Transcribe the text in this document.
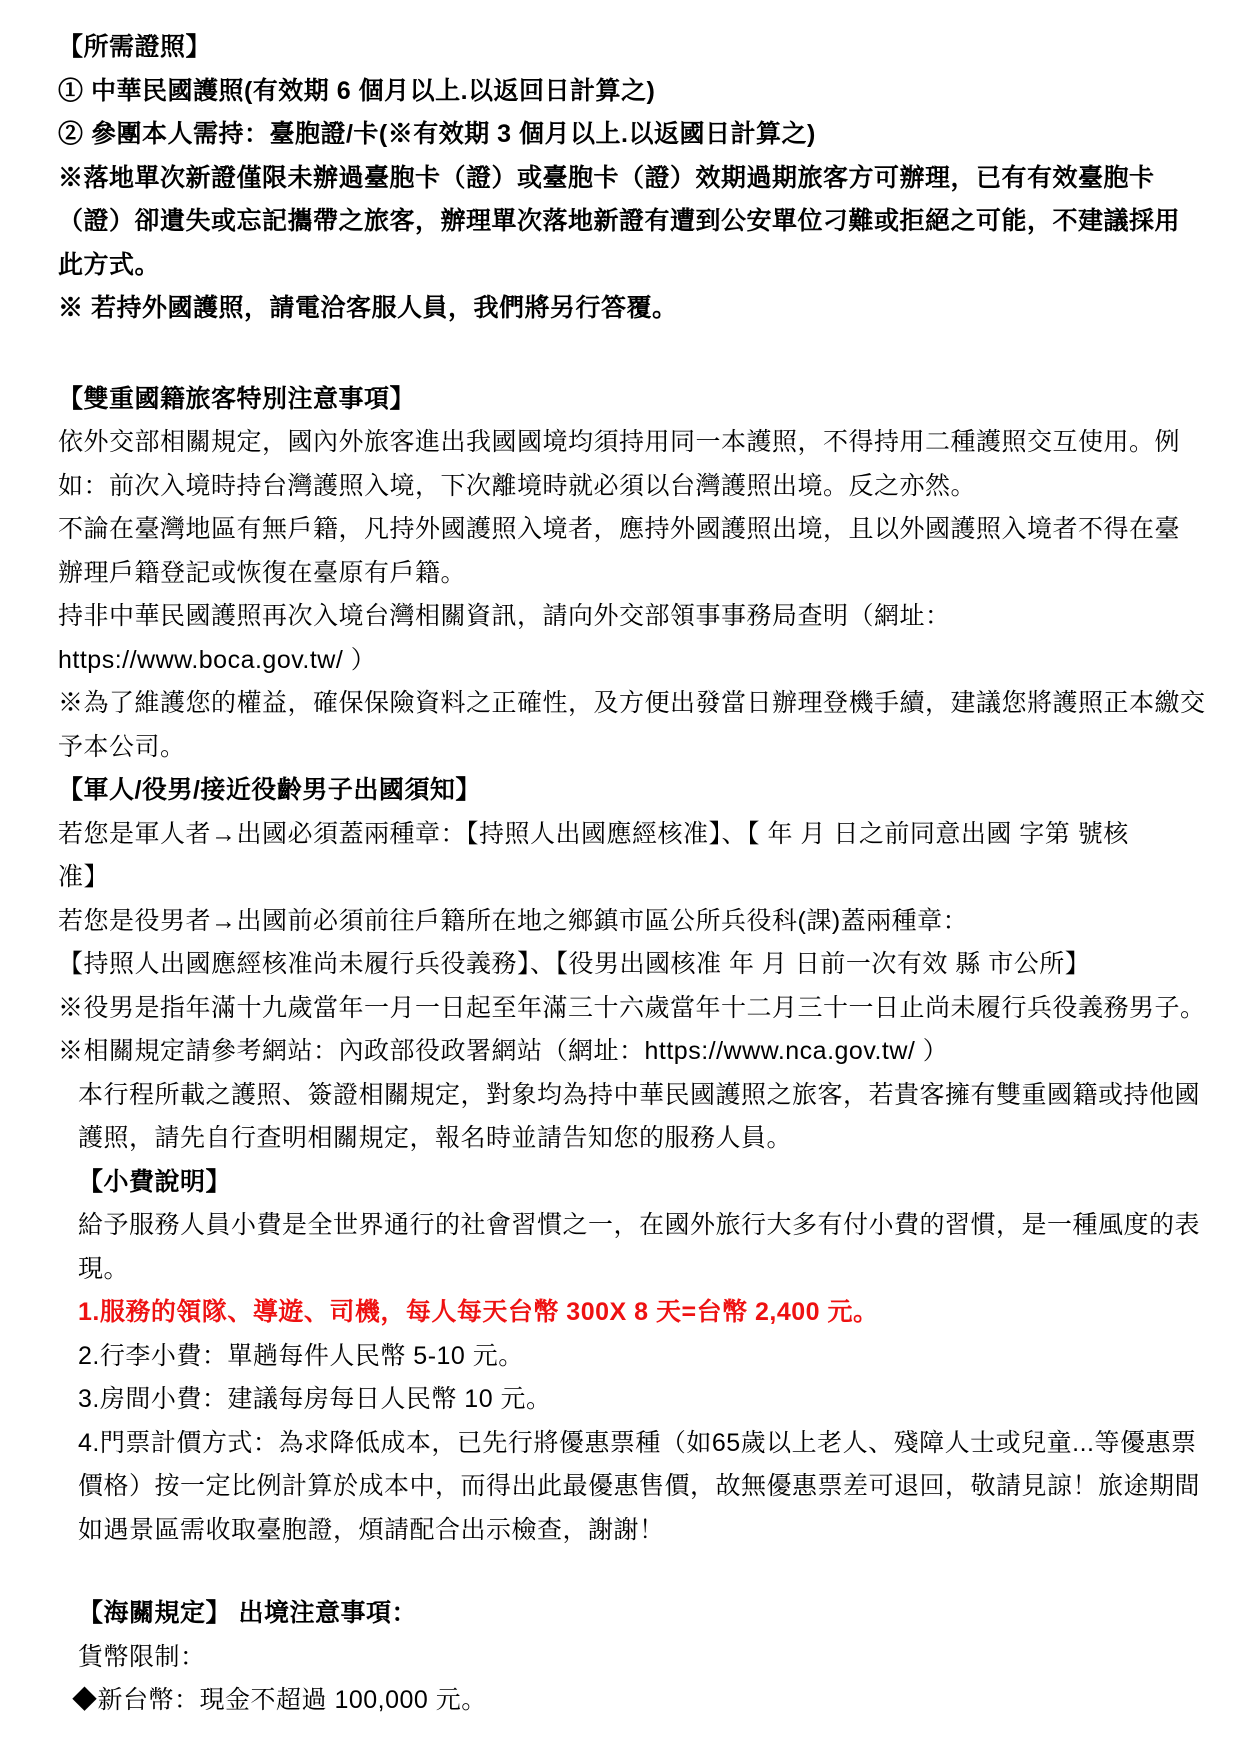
【所需證照】
① 中華民國護照(有效期 6 個月以上.以返回日計算之)
② 參團本人需持：臺胞證/卡(※有效期 3 個月以上.以返國日計算之)
※落地單次新證僅限未辦過臺胞卡（證）或臺胞卡（證）效期過期旅客方可辦理，已有有效臺胞卡
（證）卻遺失或忘記攜帶之旅客，辦理單次落地新證有遭到公安單位刁難或拒絕之可能，不建議採用
此方式。
※ 若持外國護照，請電洽客服人員，我們將另行答覆。
【雙重國籍旅客特別注意事項】
依外交部相關規定，國內外旅客進出我國國境均須持用同一本護照，不得持用二種護照交互使用。例
如：前次入境時持台灣護照入境，下次離境時就必須以台灣護照出境。反之亦然。
不論在臺灣地區有無戶籍，凡持外國護照入境者，應持外國護照出境，且以外國護照入境者不得在臺
辦理戶籍登記或恢復在臺原有戶籍。
持非中華民國護照再次入境台灣相關資訊，請向外交部領事事務局查明（網址：
https://www.boca.gov.tw/ ）
※為了維護您的權益，確保保險資料之正確性，及方便出發當日辦理登機手續，建議您將護照正本繳交
予本公司。
【軍人/役男/接近役齡男子出國須知】
若您是軍人者→出國必須蓋兩種章：【持照人出國應經核准】、【 年 月 日之前同意出國 字第 號核
准】
若您是役男者→出國前必須前往戶籍所在地之鄉鎮市區公所兵役科(課)蓋兩種章：
【持照人出國應經核准尚未履行兵役義務】、【役男出國核准 年 月 日前一次有效 縣 市公所】
※役男是指年滿十九歲當年一月一日起至年滿三十六歲當年十二月三十一日止尚未履行兵役義務男子。
※相關規定請參考網站：內政部役政署網站（網址：https://www.nca.gov.tw/ ）
本行程所載之護照、簽證相關規定，對象均為持中華民國護照之旅客，若貴客擁有雙重國籍或持他國
護照，請先自行查明相關規定，報名時並請告知您的服務人員。
【小費說明】
給予服務人員小費是全世界通行的社會習慣之一，在國外旅行大多有付小費的習慣，是一種風度的表
現。
1.服務的領隊、導遊、司機，每人每天台幣 300X 8 天=台幣 2,400 元。
2.行李小費：單趟每件人民幣 5-10 元。
3.房間小費：建議每房每日人民幣 10 元。
4.門票計價方式：為求降低成本，已先行將優惠票種（如65歲以上老人、殘障人士或兒童...等優惠票
價格）按一定比例計算於成本中，而得出此最優惠售價，故無優惠票差可退回，敬請見諒！旅途期間
如遇景區需收取臺胞證，煩請配合出示檢查，謝謝！
【海關規定】 出境注意事項：
貨幣限制：
◆新台幣：現金不超過 100,000 元。
